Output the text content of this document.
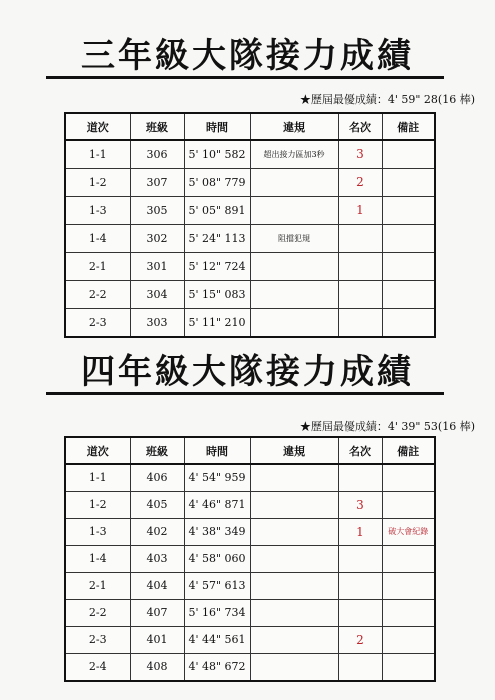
三年級大隊接力成績
★歷屆最優成績：4' 59" 28(16 棒)
道次	班級	時間	違規	名次	備註
1-1	306	5' 10" 582	超出接力區加3秒	3	
1-2	307	5' 08" 779		2	
1-3	305	5' 05" 891		1	
1-4	302	5' 24" 113	阻擋犯規		
2-1	301	5' 12" 724			
2-2	304	5' 15" 083			
2-3	303	5' 11" 210			
四年級大隊接力成績
★歷屆最優成績：4' 39" 53(16 棒)
道次	班級	時間	違規	名次	備註
1-1	406	4' 54" 959			
1-2	405	4' 46" 871		3	
1-3	402	4' 38" 349		1	破大會紀錄
1-4	403	4' 58" 060			
2-1	404	4' 57" 613			
2-2	407	5' 16" 734			
2-3	401	4' 44" 561		2	
2-4	408	4' 48" 672			
